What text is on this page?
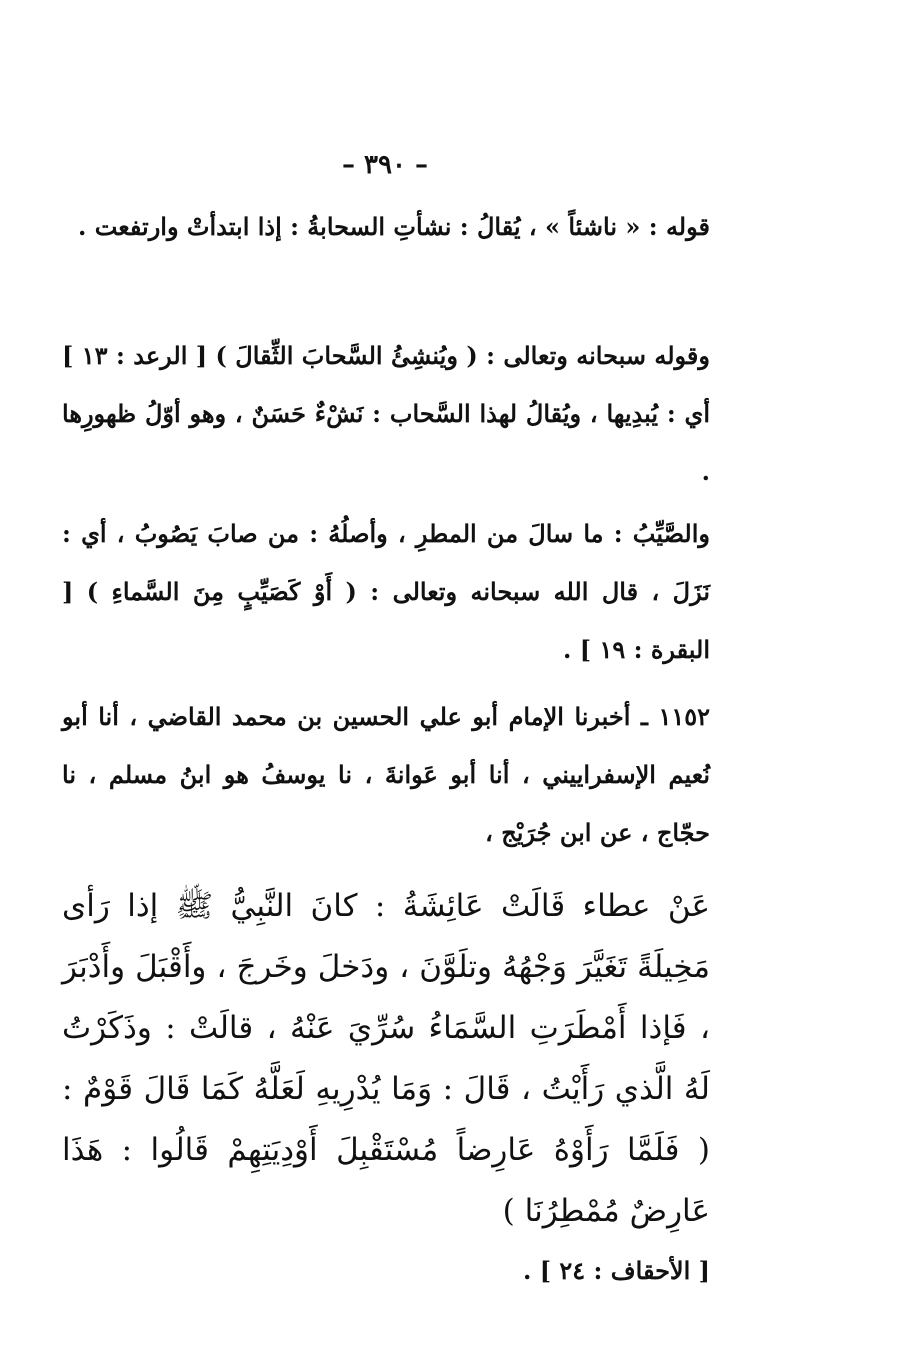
– ٣٩٠ –

قوله : « ناشئاً » ، يُقالُ : نشأتِ السحابةُ : إذا ابتدأتْ وارتفعت .

وقوله سبحانه وتعالى : ( ويُنشِئُ السَّحابَ الثِّقالَ ) [ الرعد : ١٣ ] أي : يُبدِيها ، ويُقالُ لهذا السَّحاب : نَشْءٌ حَسَنٌ ، وهو أوّلُ ظهورِها .

والصَّيِّبُ : ما سالَ من المطرِ ، وأصلُهُ : من صابَ يَصُوبُ ، أي : نَزَلَ ، قال الله سبحانه وتعالى : ( أَوْ كَصَيِّبٍ مِنَ السَّماءِ ) [ البقرة : ١٩ ] .

١١٥٢ ـ أخبرنا الإمام أبو علي الحسين بن محمد القاضي ، أنا أبو نُعيم الإسفراييني ، أنا أبو عَوانةَ ، نا يوسفُ هو ابنُ مسلم ، نا حجّاج ، عن ابن جُرَيْج ،

عَنْ عطاء قَالَتْ عَائِشَةُ : كانَ النَّبِيُّ ﷺ إذا رَأى مَخِيلَةً تَغَيَّرَ وَجْهُهُ وتلَوَّنَ ، ودَخلَ وخَرجَ ، وأَقْبَلَ وأَدْبَرَ ، فَإذا أَمْطَرَتِ السَّمَاءُ سُرِّيَ عَنْهُ ، قالَتْ : وذَكَرْتُ لَهُ الَّذي رَأَيْتُ ، قَالَ : وَمَا يُدْرِيهِ لَعَلَّهُ كَمَا قَالَ قَوْمٌ : ( فَلَمَّا رَأَوْهُ عَارِضاً مُسْتَقْبِلَ أَوْدِيَتِهِمْ قَالُوا : هَذَا عَارِضٌ مُمْطِرُنَا )

[ الأحقاف : ٢٤ ] .
